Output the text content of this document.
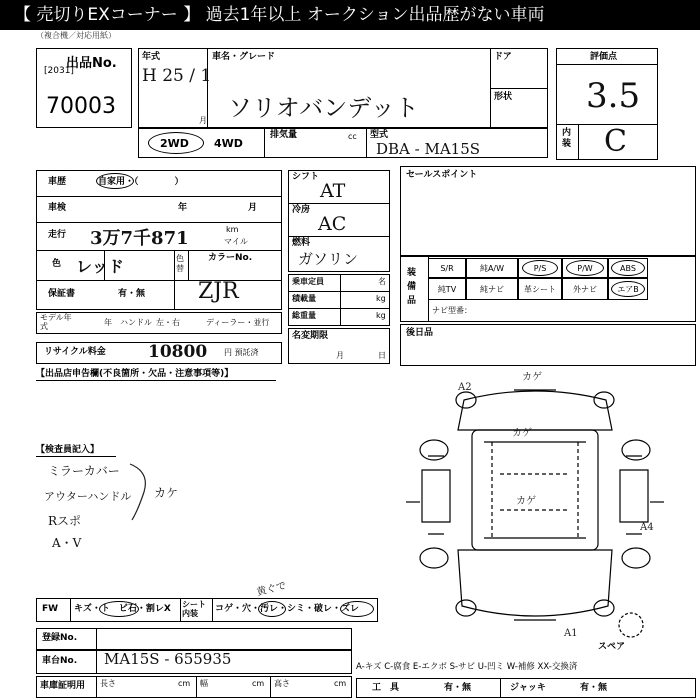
【 売切りEXコーナー 】 過去1年以上 オークション出品歴がない車両
（複合機／対応用紙）
出品No.
[2031]
70003
年式
H 25 / 1
月
車名・グレード
ソリオバンデット
ドア
形状
評価点
3.5
内装 C
2WD 4WD
排気量	cc 型式
DBA - MA15S
車歴	自家用・（　　　　）
車検	年	月
走行 3万7千871	km
マイル
色 レッド	色替
カラーNo.
保証書	有・無 ZJR
モデル年式	年 ハンドル 左・右	ディーラー・並行
リサイクル料金 10800 円 預託済
シフト
AT
冷房
AC
燃料
ガソリン
乗車定員	名
積載量	kg
総重量	kg
名変期限
月	日
セールスポイント
装備品
S/R	純A/W	P/S	P/W	ABS
純TV	純ナビ	革シート	外ナビ	エアB
ナビ型番：
後日品
【出品店申告欄(不良箇所・欠品・注意事項等)】
【検査員記入】
ミラーカバー
アウターハンドル
Rスポ
A・V
カケ
A2
カゲ
カゲ
A4
A1
カゲ
スペア
黄ぐで
FW キズ・ト　ビ石・割レX シート内装	コゲ・穴・汚レ・シミ・破レ・ズレ
登録No.
車台No. MA15S - 655935
車庫証明用 長さ	cm 幅	cm 高さ	cm
A-キズ C-腐食 E-エクボ S-サビ U-凹ミ W-補修 XX-交換済
工　具	有・無	ジャッキ	有・無
